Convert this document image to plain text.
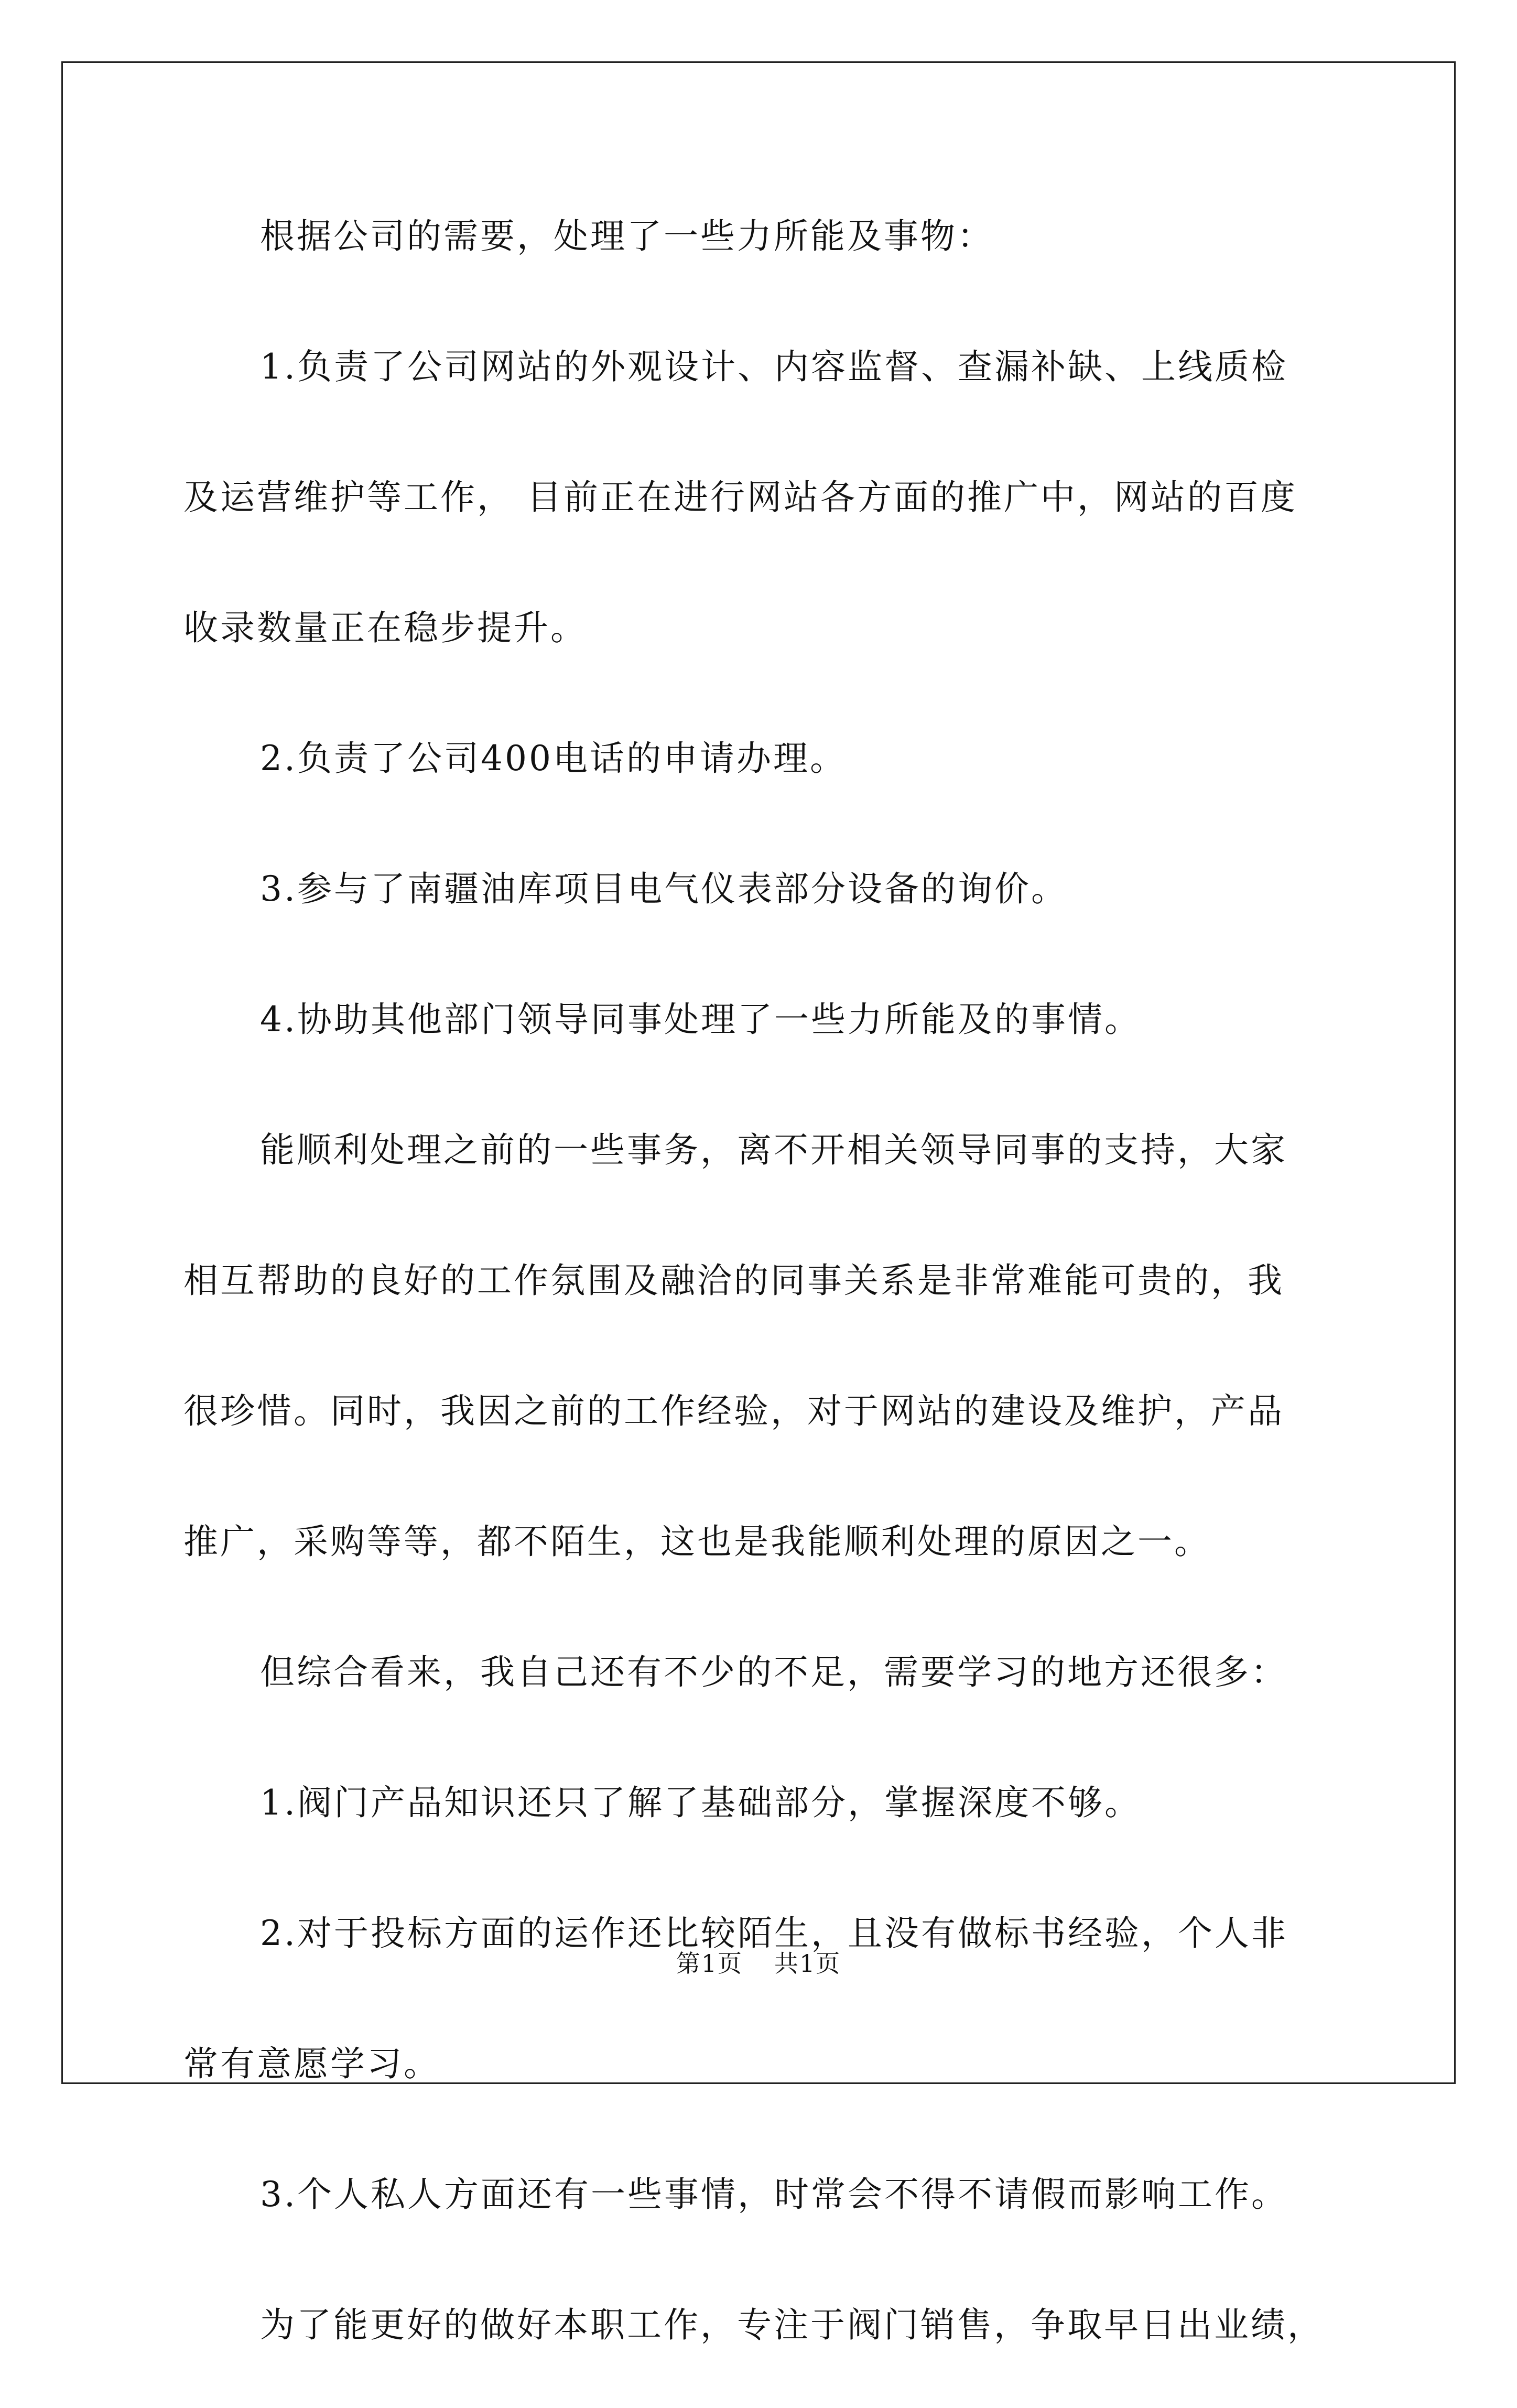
根据公司的需要，处理了一些力所能及事物：

1.负责了公司网站的外观设计、内容监督、查漏补缺、上线质检

及运营维护等工作， 目前正在进行网站各方面的推广中，网站的百度

收录数量正在稳步提升。

2.负责了公司400电话的申请办理。

3.参与了南疆油库项目电气仪表部分设备的询价。

4.协助其他部门领导同事处理了一些力所能及的事情。

能顺利处理之前的一些事务，离不开相关领导同事的支持，大家

相互帮助的良好的工作氛围及融洽的同事关系是非常难能可贵的，我

很珍惜。同时，我因之前的工作经验，对于网站的建设及维护，产品

推广，采购等等，都不陌生，这也是我能顺利处理的原因之一。

但综合看来，我自己还有不少的不足，需要学习的地方还很多：

1.阀门产品知识还只了解了基础部分，掌握深度不够。

2.对于投标方面的运作还比较陌生，且没有做标书经验，个人非

常有意愿学习。

3.个人私人方面还有一些事情，时常会不得不请假而影响工作。

为了能更好的做好本职工作，专注于阀门销售，争取早日出业绩，

第1页 共1页
